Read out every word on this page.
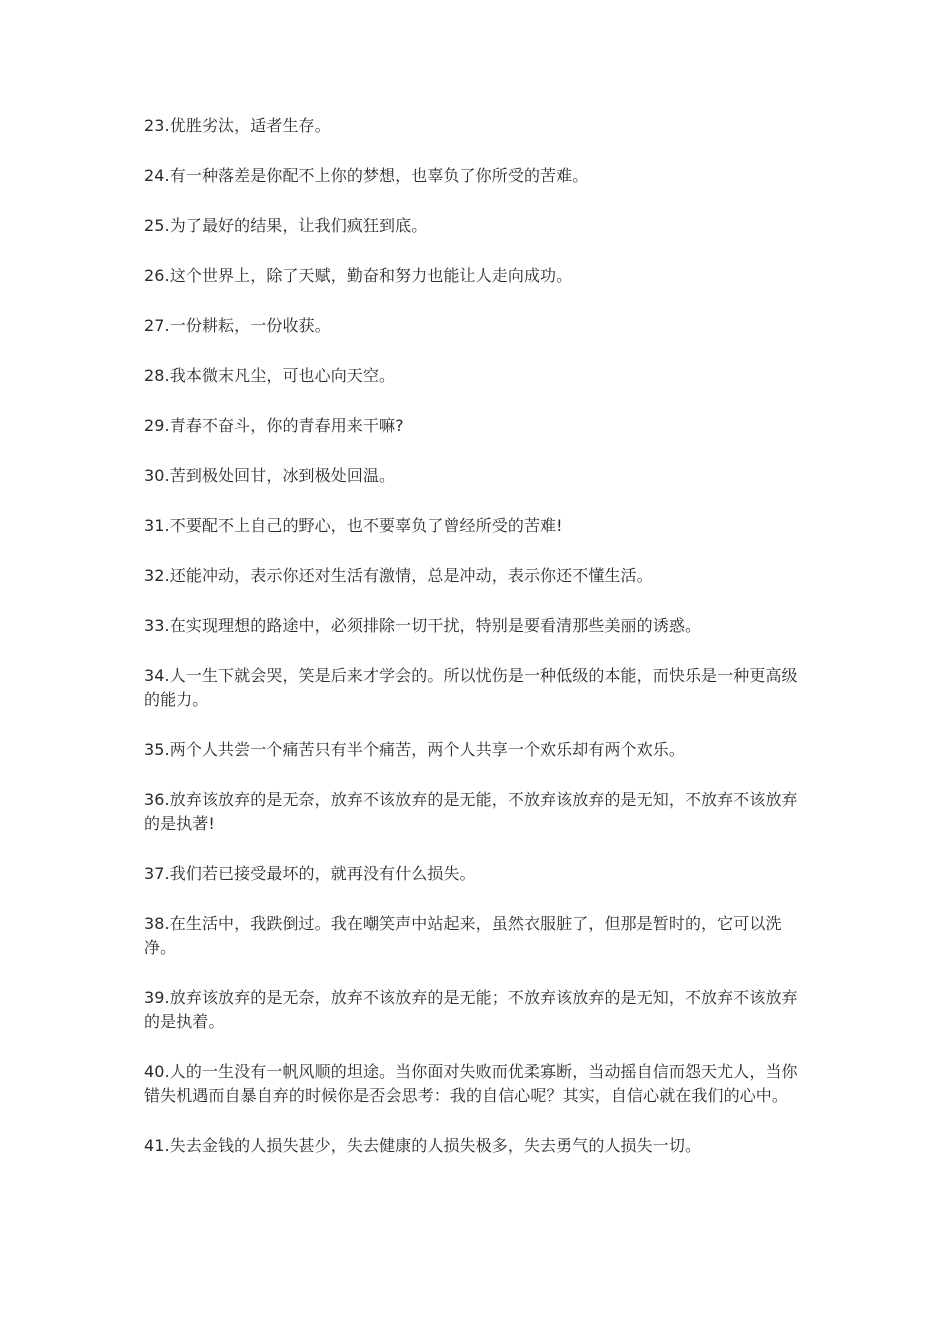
23.优胜劣汰，适者生存。

24.有一种落差是你配不上你的梦想，也辜负了你所受的苦难。

25.为了最好的结果，让我们疯狂到底。

26.这个世界上，除了天赋，勤奋和努力也能让人走向成功。

27.一份耕耘，一份收获。

28.我本微末凡尘，可也心向天空。

29.青春不奋斗，你的青春用来干嘛?

30.苦到极处回甘，冰到极处回温。

31.不要配不上自己的野心，也不要辜负了曾经所受的苦难!

32.还能冲动，表示你还对生活有激情，总是冲动，表示你还不懂生活。

33.在实现理想的路途中，必须排除一切干扰，特别是要看清那些美丽的诱惑。

34.人一生下就会哭，笑是后来才学会的。所以忧伤是一种低级的本能，而快乐是一种更高级的能力。

35.两个人共尝一个痛苦只有半个痛苦，两个人共享一个欢乐却有两个欢乐。

36.放弃该放弃的是无奈，放弃不该放弃的是无能，不放弃该放弃的是无知，不放弃不该放弃的是执著!

37.我们若已接受最坏的，就再没有什么损失。

38.在生活中，我跌倒过。我在嘲笑声中站起来，虽然衣服脏了，但那是暂时的，它可以洗净。

39.放弃该放弃的是无奈，放弃不该放弃的是无能；不放弃该放弃的是无知，不放弃不该放弃的是执着。

40.人的一生没有一帆风顺的坦途。当你面对失败而优柔寡断，当动摇自信而怨天尤人，当你错失机遇而自暴自弃的时候你是否会思考：我的自信心呢？其实，自信心就在我们的心中。

41.失去金钱的人损失甚少，失去健康的人损失极多，失去勇气的人损失一切。
